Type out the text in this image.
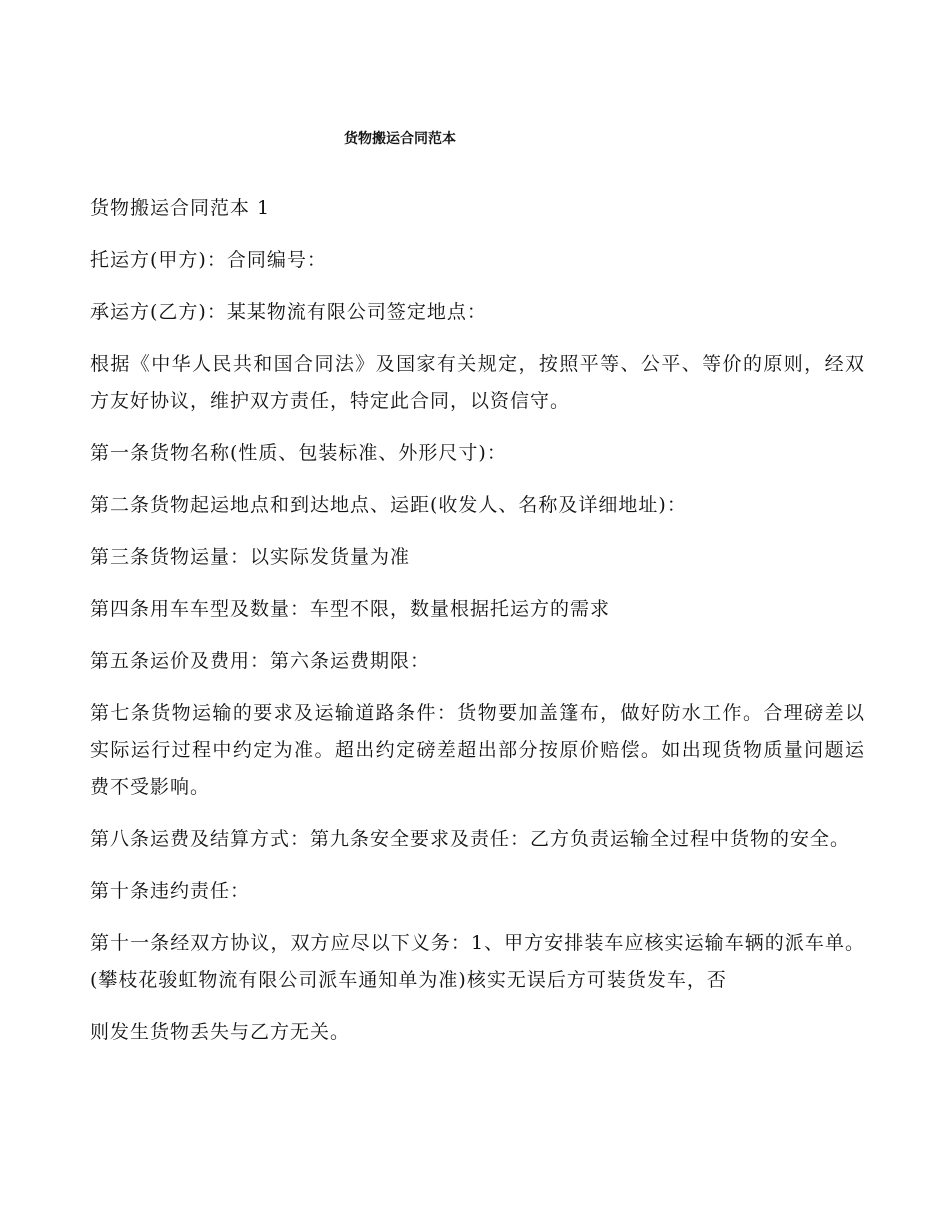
货物搬运合同范本

货物搬运合同范本 1

托运方(甲方)：合同编号：

承运方(乙方)：某某物流有限公司签定地点：

根据《中华人民共和国合同法》及国家有关规定，按照平等、公平、等价的原则，经双方友好协议，维护双方责任，特定此合同，以资信守。

第一条货物名称(性质、包装标准、外形尺寸)：

第二条货物起运地点和到达地点、运距(收发人、名称及详细地址)：

第三条货物运量：以实际发货量为准

第四条用车车型及数量：车型不限，数量根据托运方的需求

第五条运价及费用：第六条运费期限：

第七条货物运输的要求及运输道路条件：货物要加盖篷布，做好防水工作。合理磅差以实际运行过程中约定为准。超出约定磅差超出部分按原价赔偿。如出现货物质量问题运费不受影响。

第八条运费及结算方式：第九条安全要求及责任：乙方负责运输全过程中货物的安全。

第十条违约责任：

第十一条经双方协议，双方应尽以下义务：1、甲方安排装车应核实运输车辆的派车单。(攀枝花骏虹物流有限公司派车通知单为准)核实无误后方可装货发车，否

则发生货物丢失与乙方无关。
